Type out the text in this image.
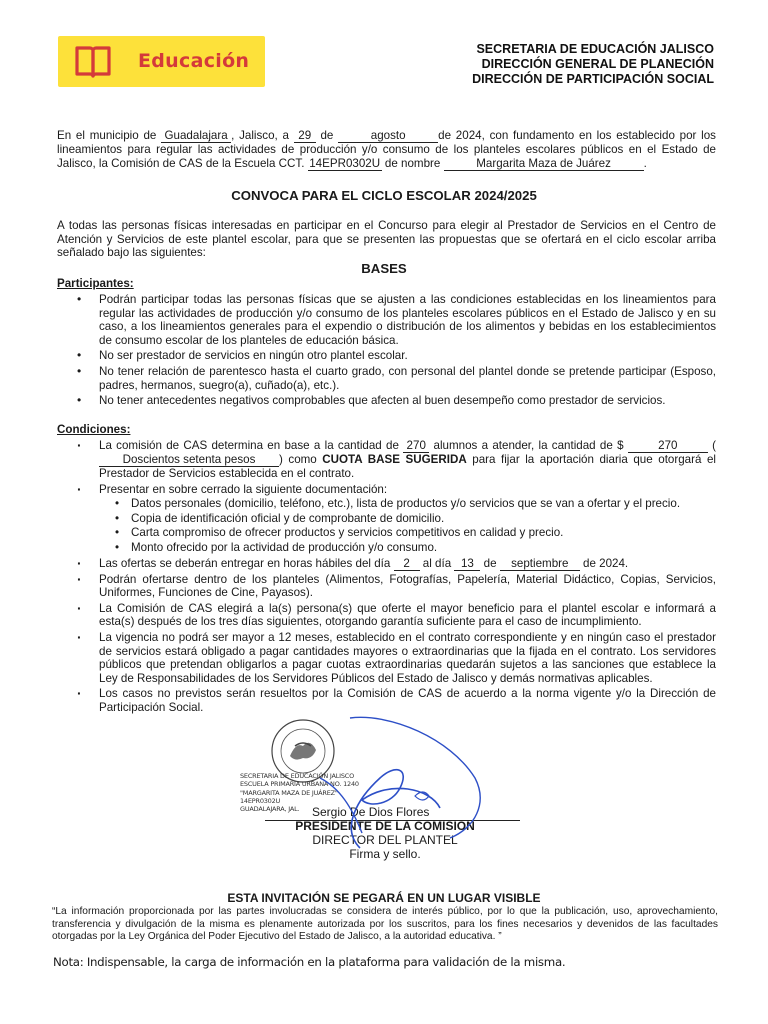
Educación
SECRETARIA DE EDUCACIÓN JALISCO
DIRECCIÓN GENERAL DE PLANECIÓN
DIRECCIÓN DE PARTICIPACIÓN SOCIAL
En el municipio de Guadalajara , Jalisco, a 29 de	agosto	de 2024, con fundamento en los establecido por los lineamientos para regular las actividades de producción y/o consumo de los planteles escolares públicos en el Estado de Jalisco, la Comisión de CAS de la Escuela CCT. 14EPR0302U de nombre	Margarita Maza de Juárez	.
CONVOCA PARA EL CICLO ESCOLAR 2024/2025
A todas las personas físicas interesadas en participar en el Concurso para elegir al Prestador de Servicios en el Centro de Atención y Servicios de este plantel escolar, para que se presenten las propuestas que se ofertará en el ciclo escolar arriba señalado bajo las siguientes:
BASES
Participantes:
• Podrán participar todas las personas físicas que se ajusten a las condiciones establecidas en los lineamientos para regular las actividades de producción y/o consumo de los planteles escolares públicos en el Estado de Jalisco y en su caso, a los lineamientos generales para el expendio o distribución de los alimentos y bebidas en los establecimientos de consumo escolar de los planteles de educación básica.
• No ser prestador de servicios en ningún otro plantel escolar.
• No tener relación de parentesco hasta el cuarto grado, con personal del plantel donde se pretende participar (Esposo, padres, hermanos, suegro(a), cuñado(a), etc.).
• No tener antecedentes negativos comprobables que afecten al buen desempeño como prestador de servicios.
Condiciones:
· La comisión de CAS determina en base a la cantidad de 270 alumnos a atender, la cantidad de $	270	(Doscientos setenta pesos ) como CUOTA BASE SUGERIDA para fijar la aportación diaria que otorgará el Prestador de Servicios establecida en el contrato.
· Presentar en sobre cerrado la siguiente documentación:
• Datos personales (domicilio, teléfono, etc.), lista de productos y/o servicios que se van a ofertar y el precio.
• Copia de identificación oficial y de comprobante de domicilio.
• Carta compromiso de ofrecer productos y servicios competitivos en calidad y precio.
• Monto ofrecido por la actividad de producción y/o consumo.
· Las ofertas se deberán entregar en horas hábiles del día 2 al día 13 de septiembre de 2024.
· Podrán ofertarse dentro de los planteles (Alimentos, Fotografías, Papelería, Material Didáctico, Copias, Servicios, Uniformes, Funciones de Cine, Payasos).
· La Comisión de CAS elegirá a la(s) persona(s) que oferte el mayor beneficio para el plantel escolar e informará a esta(s) después de los tres días siguientes, otorgando garantía suficiente para el caso de incumplimiento.
· La vigencia no podrá ser mayor a 12 meses, establecido en el contrato correspondiente y en ningún caso el prestador de servicios estará obligado a pagar cantidades mayores o extraordinarias que la fijada en el contrato. Los servidores públicos que pretendan obligarlos a pagar cuotas extraordinarias quedarán sujetos a las sanciones que establece la Ley de Responsabilidades de los Servidores Públicos del Estado de Jalisco y demás normativas aplicables.
· Los casos no previstos serán resueltos por la Comisión de CAS de acuerdo a la norma vigente y/o la Dirección de Participación Social.
SECRETARIA DE EDUCACIÓN JALISCO
ESCUELA PRIMARIA URBANA NO. 1240
"MARGARITA MAZA DE JUÁREZ"
14EPR0302U
GUADALAJARA, JAL.	Sergio De Dios Flores
PRESIDENTE DE LA COMISION
DIRECTOR DEL PLANTEL
Firma y sello.
ESTA INVITACIÓN SE PEGARÁ EN UN LUGAR VISIBLE
“La información proporcionada por las partes involucradas se considera de interés público, por lo que la publicación, uso, aprovechamiento, transferencia y divulgación de la misma es plenamente autorizada por los suscritos, para los fines necesarios y devenidos de las facultades otorgadas por la Ley Orgánica del Poder Ejecutivo del Estado de Jalisco, a la autoridad educativa. ”
Nota: Indispensable, la carga de información en la plataforma para validación de la misma.
